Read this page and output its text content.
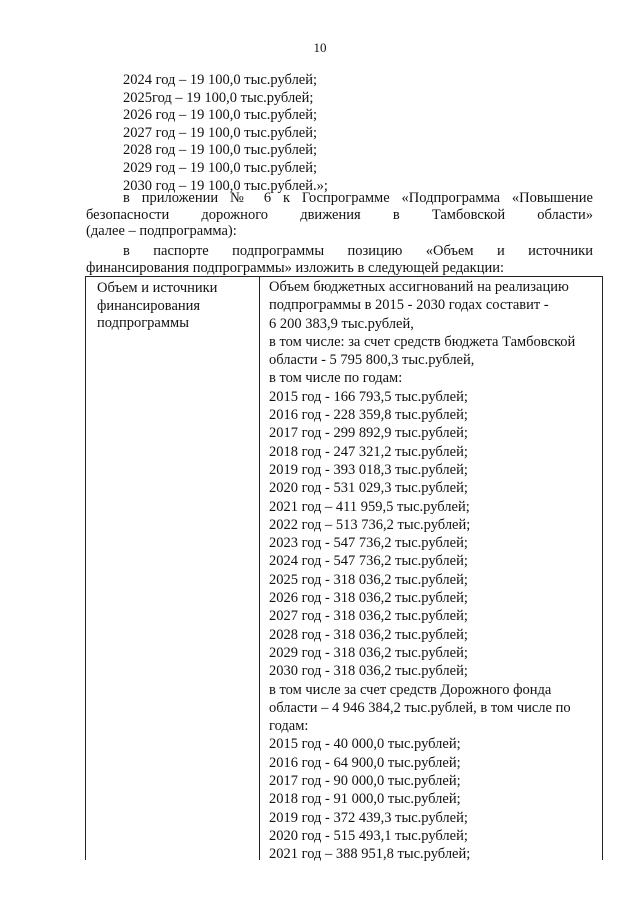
10
2024 год – 19 100,0 тыс.рублей;
2025год – 19 100,0 тыс.рублей;
2026 год – 19 100,0 тыс.рублей;
2027 год – 19 100,0 тыс.рублей;
2028 год – 19 100,0 тыс.рублей;
2029 год – 19 100,0 тыс.рублей;
2030 год – 19 100,0 тыс.рублей.»;
в приложении № 6 к Госпрограмме «Подпрограмма «Повышение
безопасности дорожного движения в Тамбовской области»
(далее – подпрограмма):
в паспорте подпрограммы позицию «Объем и источники
финансирования подпрограммы» изложить в следующей редакции:
Объем и источники
финансирования
подпрограммы
Объем бюджетных ассигнований на реализацию
подпрограммы в 2015 - 2030 годах составит -
6 200 383,9 тыс.рублей,
в том числе: за счет средств бюджета Тамбовской
области - 5 795 800,3 тыс.рублей,
в том числе по годам:
2015 год - 166 793,5 тыс.рублей;
2016 год - 228 359,8 тыс.рублей;
2017 год - 299 892,9 тыс.рублей;
2018 год - 247 321,2 тыс.рублей;
2019 год - 393 018,3 тыс.рублей;
2020 год - 531 029,3 тыс.рублей;
2021 год – 411 959,5 тыс.рублей;
2022 год – 513 736,2 тыс.рублей;
2023 год - 547 736,2 тыс.рублей;
2024 год - 547 736,2 тыс.рублей;
2025 год - 318 036,2 тыс.рублей;
2026 год - 318 036,2 тыс.рублей;
2027 год - 318 036,2 тыс.рублей;
2028 год - 318 036,2 тыс.рублей;
2029 год - 318 036,2 тыс.рублей;
2030 год - 318 036,2 тыс.рублей;
в том числе за счет средств Дорожного фонда
области – 4 946 384,2 тыс.рублей, в том числе по
годам:
2015 год - 40 000,0 тыс.рублей;
2016 год - 64 900,0 тыс.рублей;
2017 год - 90 000,0 тыс.рублей;
2018 год - 91 000,0 тыс.рублей;
2019 год - 372 439,3 тыс.рублей;
2020 год - 515 493,1 тыс.рублей;
2021 год – 388 951,8 тыс.рублей;
